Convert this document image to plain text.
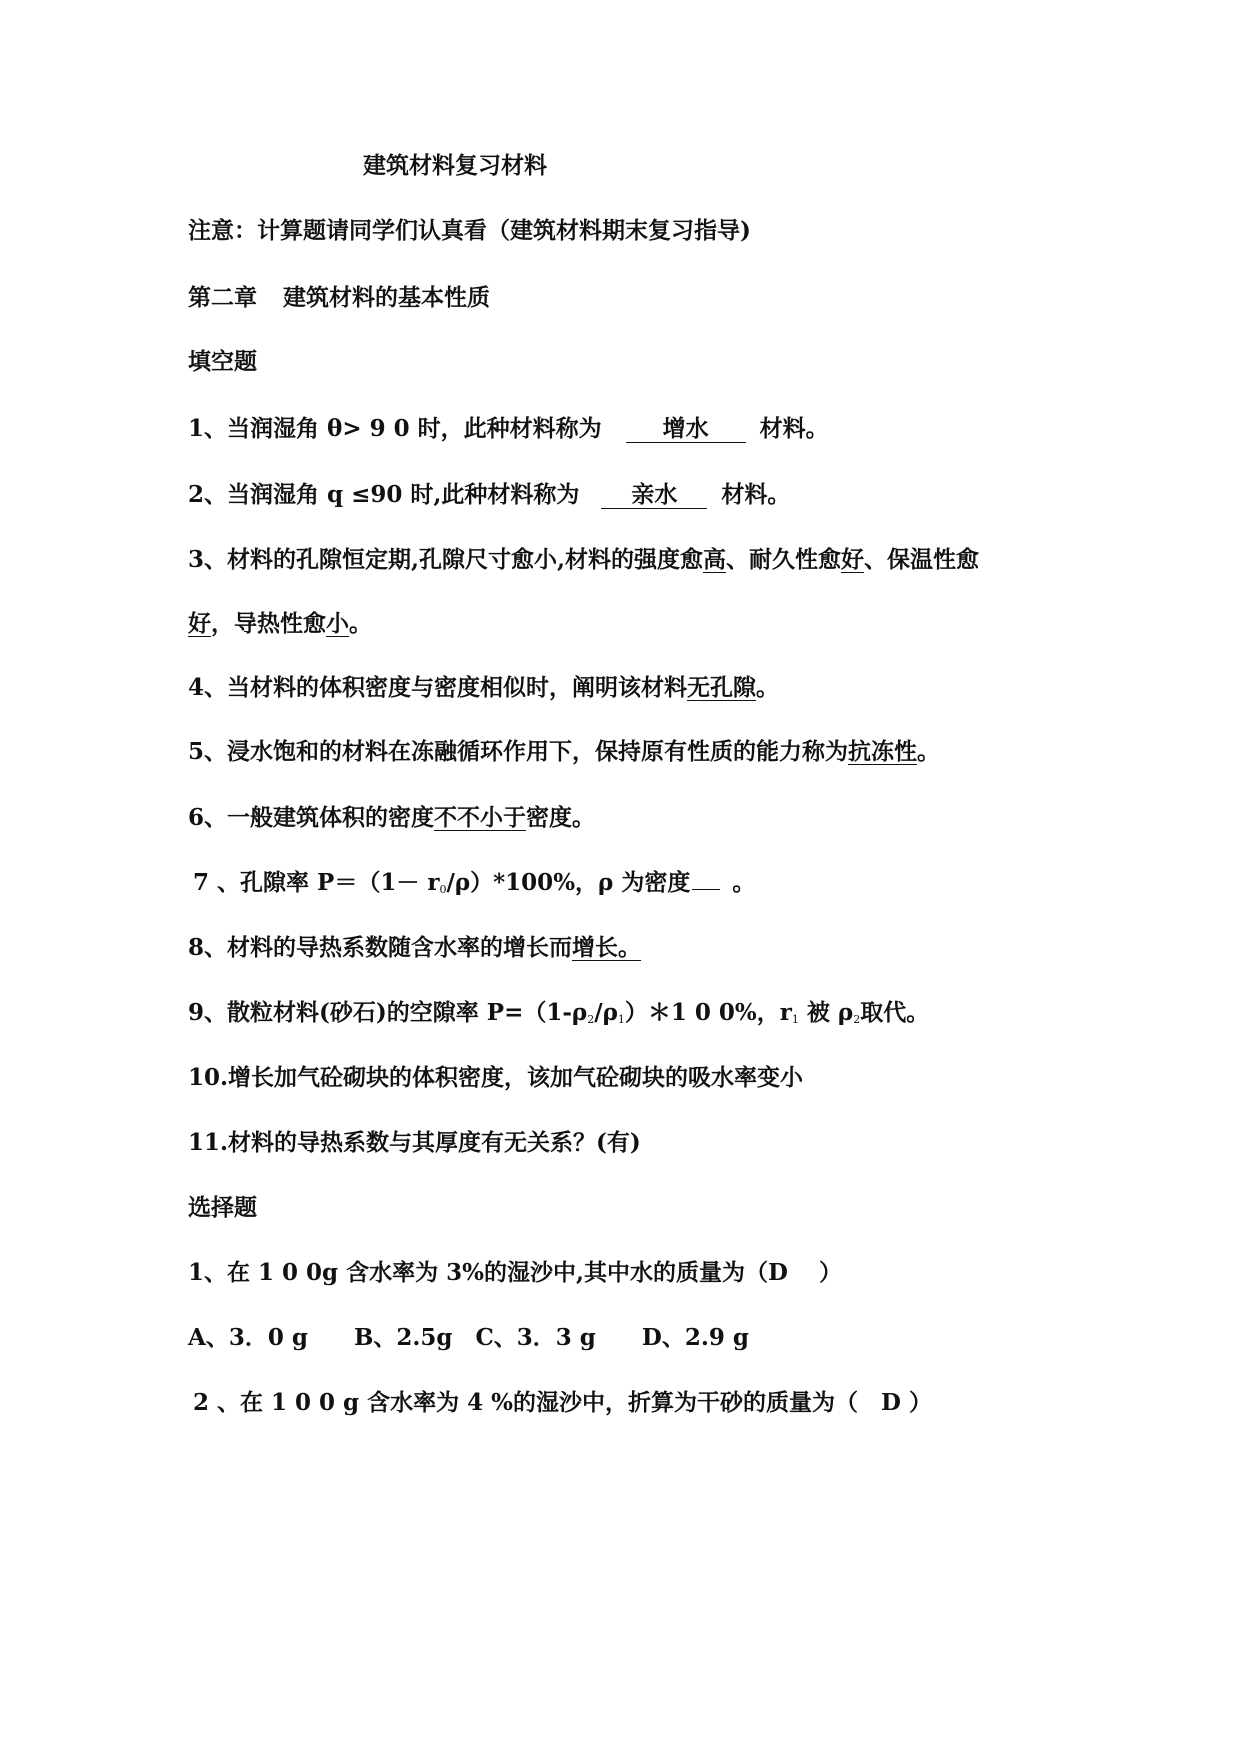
建筑材料复习材料

注意：计算题请同学们认真看（建筑材料期末复习指导)

第二章 建筑材料的基本性质

填空题

1、当润湿角 θ> 9 0 时，此种材料称为	增水 材料。

2、当润湿角 q ≤90 时,此种材料称为 亲水 材料。

3、材料的孔隙恒定期,孔隙尺寸愈小,材料的强度愈高、耐久性愈好、保温性愈

好，导热性愈小。

4、当材料的体积密度与密度相似时，阐明该材料无孔隙。

5、浸水饱和的材料在冻融循环作用下，保持原有性质的能力称为抗冻性。

6、一般建筑体积的密度不不小于密度。

7 、孔隙率 $P=(1- r_0/\rho)*100\%$，ρ 为密度 。

8、材料的导热系数随含水率的增长而增长。

9、散粒材料(砂石)的空隙率 $P=(1-\rho_2/\rho_1)*1$ 0 0%，$r_1$ 被 $\rho_2$取代。

10.增长加气砼砌块的体积密度，该加气砼砌块的吸水率变小

11.材料的导热系数与其厚度有无关系？(有)

选择题

1、在 1 0 0g 含水率为 3%的湿沙中,其中水的质量为（D　 ）

A、3．0 g　　B、2.5g　C、3．3 g　　D、2.9 g

2 、在 1 0 0 g 含水率为 4 %的湿沙中，折算为干砂的质量为（　D ）
